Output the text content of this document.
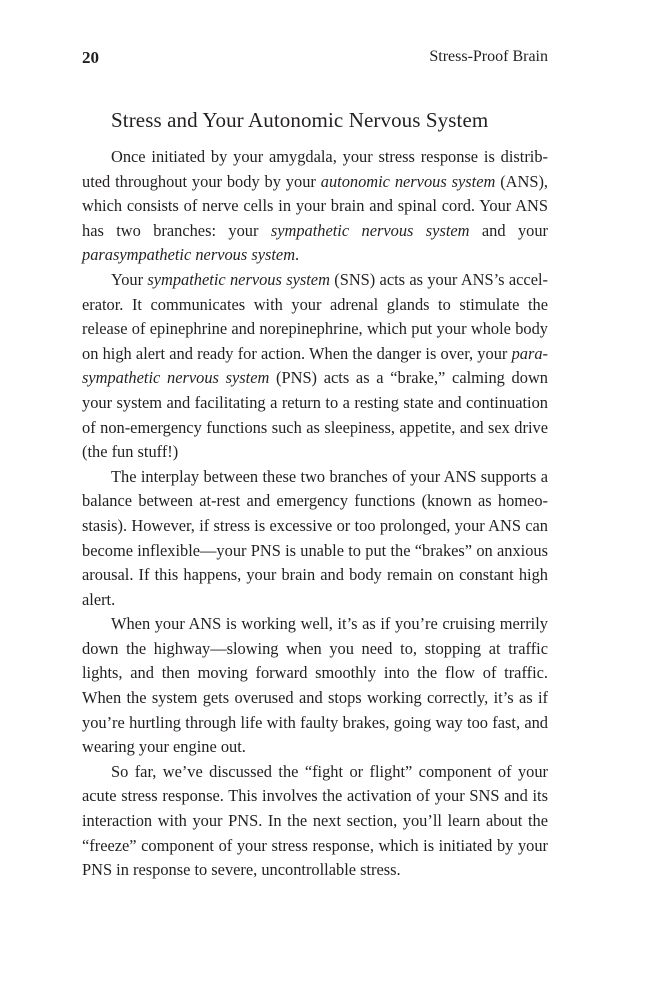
20	Stress-Proof Brain
Stress and Your Autonomic Nervous System

Once initiated by your amygdala, your stress response is distributed throughout your body by your autonomic nervous system (ANS), which consists of nerve cells in your brain and spinal cord. Your ANS has two branches: your sympathetic nervous system and your parasympathetic nervous system.

Your sympathetic nervous system (SNS) acts as your ANS’s accelerator. It communicates with your adrenal glands to stimulate the release of epinephrine and norepinephrine, which put your whole body on high alert and ready for action. When the danger is over, your parasympathetic nervous system (PNS) acts as a “brake,” calming down your system and facilitating a return to a resting state and continuation of non-emergency functions such as sleepiness, appetite, and sex drive (the fun stuff!)

The interplay between these two branches of your ANS supports a balance between at-rest and emergency functions (known as homeostasis). However, if stress is excessive or too prolonged, your ANS can become inflexible—your PNS is unable to put the “brakes” on anxious arousal. If this happens, your brain and body remain on constant high alert.

When your ANS is working well, it’s as if you’re cruising merrily down the highway—slowing when you need to, stopping at traffic lights, and then moving forward smoothly into the flow of traffic. When the system gets overused and stops working correctly, it’s as if you’re hurtling through life with faulty brakes, going way too fast, and wearing your engine out.

So far, we’ve discussed the “fight or flight” component of your acute stress response. This involves the activation of your SNS and its interaction with your PNS. In the next section, you’ll learn about the “freeze” component of your stress response, which is initiated by your PNS in response to severe, uncontrollable stress.
